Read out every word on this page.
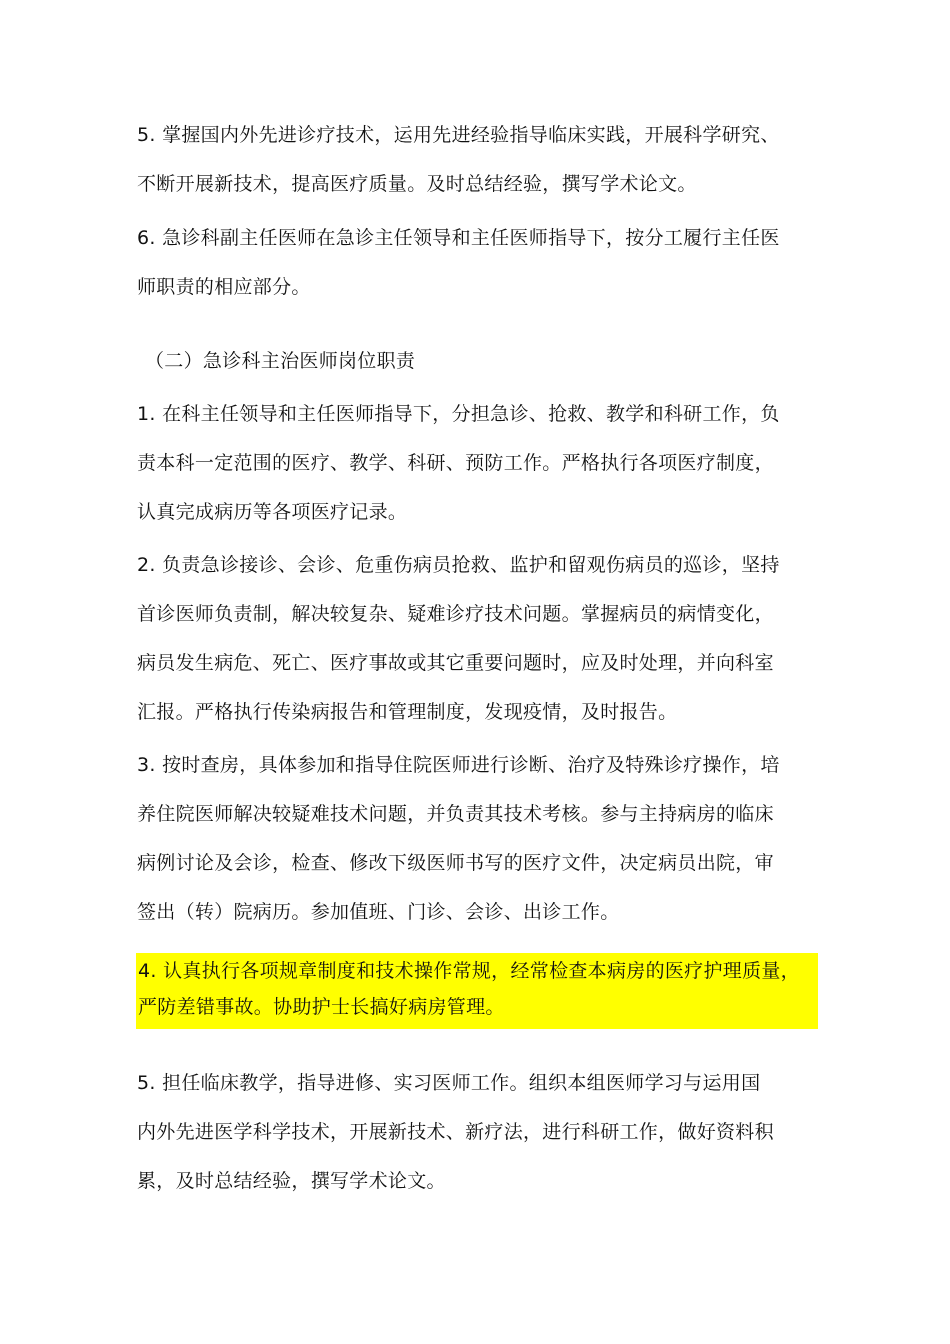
5. 掌握国内外先进诊疗技术，运用先进经验指导临床实践，开展科学研究、
不断开展新技术，提高医疗质量。及时总结经验，撰写学术论文。

6. 急诊科副主任医师在急诊主任领导和主任医师指导下，按分工履行主任医
师职责的相应部分。

（二）急诊科主治医师岗位职责

1. 在科主任领导和主任医师指导下，分担急诊、抢救、教学和科研工作，负
责本科一定范围的医疗、教学、科研、预防工作。严格执行各项医疗制度，
认真完成病历等各项医疗记录。

2. 负责急诊接诊、会诊、危重伤病员抢救、监护和留观伤病员的巡诊，坚持
首诊医师负责制，解决较复杂、疑难诊疗技术问题。掌握病员的病情变化，
病员发生病危、死亡、医疗事故或其它重要问题时，应及时处理，并向科室
汇报。严格执行传染病报告和管理制度，发现疫情，及时报告。

3. 按时查房，具体参加和指导住院医师进行诊断、治疗及特殊诊疗操作，培
养住院医师解决较疑难技术问题，并负责其技术考核。参与主持病房的临床
病例讨论及会诊，检查、修改下级医师书写的医疗文件，决定病员出院，审
签出（转）院病历。参加值班、门诊、会诊、出诊工作。

4. 认真执行各项规章制度和技术操作常规，经常检查本病房的医疗护理质量，
严防差错事故。协助护士长搞好病房管理。

5. 担任临床教学，指导进修、实习医师工作。组织本组医师学习与运用国
内外先进医学科学技术，开展新技术、新疗法，进行科研工作，做好资料积
累，及时总结经验，撰写学术论文。
